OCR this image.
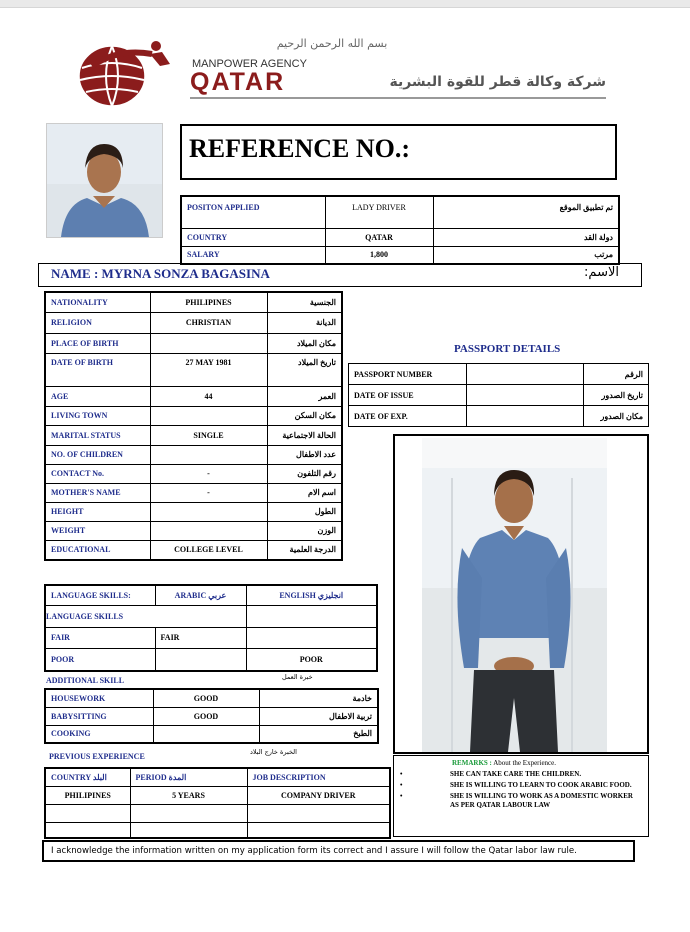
بسم الله الرحمن الرحيم
MANPOWER AGENCY
QATAR	شركة وكالة قطر للقوة البشرية
REFERENCE NO.:
POSITON APPLIED	LADY DRIVER	تم تطبيق الموقع
COUNTRY	QATAR	دولة القد
SALARY	1,800	مرتب
NAME : MYRNA SONZA BAGASINA	الاسم:
NATIONALITY	PHILIPINES	الجنسية
RELIGION	CHRISTIAN	الديانة
PLACE OF BIRTH		مكان الميلاد
DATE OF BIRTH	27 MAY 1981	تاريخ الميلاد
AGE	44	العمر
LIVING TOWN		مكان السكن
MARITAL STATUS	SINGLE	الحالة الاجتماعية
NO. OF CHILDREN		عدد الاطفال
CONTACT No.	-	رقم التلفون
MOTHER'S NAME	-	اسم الام
HEIGHT		الطول
WEIGHT		الوزن
EDUCATIONAL	COLLEGE LEVEL	الدرجة العلمية
PASSPORT DETAILS
PASSPORT NUMBER		الرقم
DATE OF ISSUE		تاريخ الصدور
DATE OF EXP.		مكان الصدور
LANGUAGE SKILLS:	ARABIC عربي	ENGLISH انجليزي
LANGUAGE SKILLS		
FAIR	FAIR	
POOR		POOR
ADDITIONAL SKILL	خبرة العمل
HOUSEWORK	GOOD	خادمة
BABYSITTING	GOOD	تربية الاطفال
COOKING		الطبخ
PREVIOUS EXPERIENCE	الخبرة خارج البلاد
COUNTRY البلد	PERIOD المدة	JOB DESCRIPTION
PHILIPINES	5 YEARS	COMPANY DRIVER

REMARKS : About the Experience.
•	SHE CAN TAKE CARE THE CHILDREN.
•	SHE IS WILLING TO LEARN TO COOK ARABIC FOOD.
•	SHE IS WILLING TO WORK AS A DOMESTIC WORKER AS PER QATAR LABOUR LAW
I acknowledge the information written on my application form its correct and I assure I will follow the Qatar labor law rule.
